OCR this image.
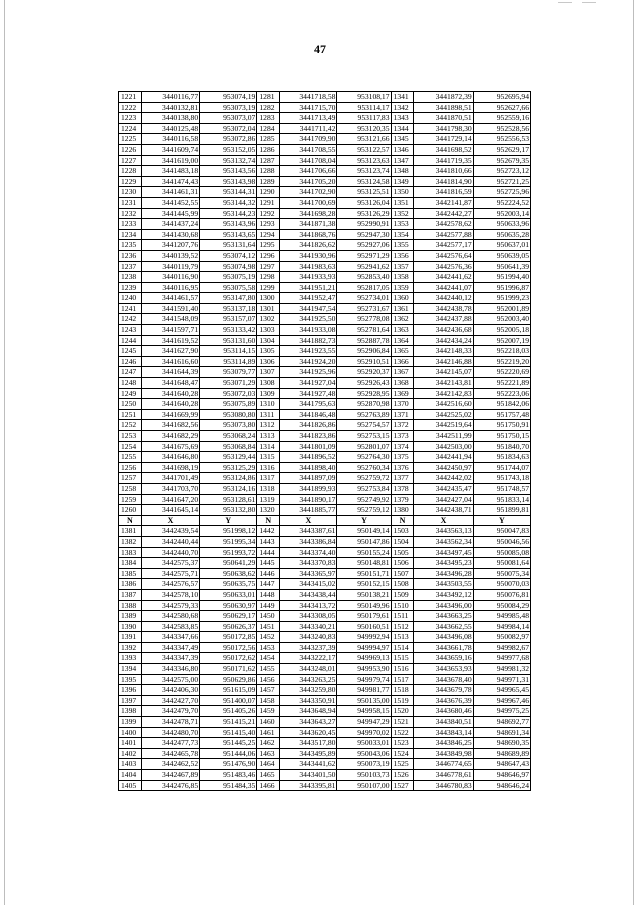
47
1221	3440116,77	953074,19	1281	3441718,58	953108,17	1341	3441872,39	952695,94
1222	3440132,81	953073,19	1282	3441715,70	953114,17	1342	3441898,51	952627,66
1223	3440138,80	953073,07	1283	3441713,49	953117,83	1343	3441870,51	952559,16
1224	3440125,48	953072,04	1284	3441711,42	953120,35	1344	3441798,30	952528,56
1225	3440116,58	953072,86	1285	3441709,90	953121,66	1345	3441729,14	952556,53
1226	3441609,74	953152,05	1286	3441708,55	953122,57	1346	3441698,52	952629,17
1227	3441619,00	953132,74	1287	3441708,04	953123,63	1347	3441719,35	952679,35
1228	3441483,18	953143,56	1288	3441706,66	953123,74	1348	3441810,66	952723,12
1229	3441474,43	953143,98	1289	3441705,20	953124,58	1349	3441814,90	952721,25
1230	3441461,31	953144,31	1290	3441702,90	953125,51	1350	3441816,59	952725,96
1231	3441452,55	953144,32	1291	3441700,69	953126,04	1351	3442141,87	952224,52
1232	3441445,99	953144,23	1292	3441698,28	953126,29	1352	3442442,27	952003,14
1233	3441437,24	953143,96	1293	3441871,38	952990,91	1353	3442578,62	950633,96
1234	3441430,68	953143,65	1294	3441868,76	952947,30	1354	3442577,88	950635,28
1235	3441207,76	953131,64	1295	3441826,62	952927,06	1355	3442577,17	950637,01
1236	3440139,52	953074,12	1296	3441930,96	952971,29	1356	3442576,64	950639,05
1237	3440119,79	953074,98	1297	3441983,63	952941,62	1357	3442576,36	950641,39
1238	3440116,90	953075,19	1298	3441933,93	952853,40	1358	3442441,62	951994,40
1239	3440116,95	953075,58	1299	3441951,21	952817,05	1359	3442441,07	951996,87
1240	3441461,57	953147,80	1300	3441952,47	952734,01	1360	3442440,12	951999,23
1241	3441591,40	953137,18	1301	3441947,54	952731,67	1361	3442438,78	952001,89
1242	3441548,09	953157,07	1302	3441925,50	952778,08	1362	3442437,88	952003,40
1243	3441597,71	953133,42	1303	3441933,08	952781,64	1363	3442436,68	952005,18
1244	3441619,52	953131,60	1304	3441882,73	952887,78	1364	3442434,24	952007,19
1245	3441627,90	953114,15	1305	3441923,55	952906,84	1365	3442148,33	952218,03
1246	3441616,60	953114,89	1306	3441924,20	952910,51	1366	3442146,88	952219,20
1247	3441644,39	953079,77	1307	3441925,96	952920,37	1367	3442145,07	952220,69
1248	3441648,47	953071,29	1308	3441927,04	952926,43	1368	3442143,81	952221,89
1249	3441640,28	953072,03	1309	3441927,48	952928,95	1369	3442142,83	952223,06
1250	3441640,28	953075,89	1310	3441795,63	952870,98	1370	3442516,60	951842,06
1251	3441669,99	953080,80	1311	3441846,48	952763,89	1371	3442525,02	951757,48
1252	3441682,56	953073,80	1312	3441826,86	952754,57	1372	3442519,64	951750,91
1253	3441682,29	953068,24	1313	3441823,86	952753,15	1373	3442511,99	951750,15
1254	3441675,69	953068,84	1314	3441801,09	952801,07	1374	3442503,00	951840,70
1255	3441646,80	953129,44	1315	3441896,52	952764,30	1375	3442441,94	951834,63
1256	3441698,19	953125,29	1316	3441898,40	952760,34	1376	3442450,97	951744,07
1257	3441701,49	953124,86	1317	3441897,09	952759,72	1377	3442442,02	951743,18
1258	3441703,70	953124,16	1318	3441899,93	952753,84	1378	3442435,47	951748,57
1259	3441647,20	953128,61	1319	3441890,17	952749,92	1379	3442427,04	951833,14
1260	3441645,14	953132,80	1320	3441885,77	952759,12	1380	3442438,71	951899,81
N	X	Y	N	X	Y	N	X	Y
1381	3442439,54	951998,12	1442	3443387,61	950149,14	1503	3443563,13	950047,83
1382	3442440,44	951995,34	1443	3443386,84	950147,86	1504	3443562,34	950046,56
1383	3442440,70	951993,72	1444	3443374,40	950155,24	1505	3443497,45	950085,08
1384	3442575,37	950641,29	1445	3443370,83	950148,81	1506	3443495,23	950081,64
1385	3442575,71	950638,62	1446	3443365,97	950151,71	1507	3443496,28	950075,34
1386	3442576,57	950635,75	1447	3443415,02	950152,15	1508	3443503,55	950070,03
1387	3442578,10	950633,01	1448	3443438,44	950138,21	1509	3443492,12	950076,81
1388	3442579,33	950630,97	1449	3443413,72	950149,96	1510	3443496,00	950084,29
1389	3442580,68	950629,17	1450	3443308,05	950179,61	1511	3443663,25	949985,48
1390	3442583,85	950626,37	1451	3443340,21	950160,51	1512	3443662,55	949984,14
1391	3443347,66	950172,85	1452	3443240,83	949992,94	1513	3443496,08	950082,97
1392	3443347,49	950172,56	1453	3443237,39	949994,97	1514	3443661,78	949982,67
1393	3443347,39	950172,62	1454	3443222,17	949969,13	1515	3443659,16	949977,68
1394	3443346,80	950171,62	1455	3443248,01	949953,90	1516	3443653,93	949981,32
1395	3442575,00	950629,86	1456	3443263,25	949979,74	1517	3443678,40	949971,31
1396	3442406,30	951615,09	1457	3443259,80	949981,77	1518	3443679,78	949965,45
1397	3442427,70	951400,07	1458	3443350,91	950135,00	1519	3443676,39	949967,46
1398	3442479,70	951405,26	1459	3443648,94	949958,15	1520	3443680,46	949975,25
1399	3442478,71	951415,21	1460	3443643,27	949947,29	1521	3443840,51	948692,77
1400	3442480,70	951415,40	1461	3443620,45	949970,02	1522	3443843,14	948691,34
1401	3442477,73	951445,25	1462	3443517,80	950033,01	1523	3443846,25	948690,35
1402	3442465,78	951444,06	1463	3443495,89	950043,06	1524	3443849,98	948689,89
1403	3442462,52	951476,90	1464	3443441,62	950073,19	1525	3446774,65	948647,43
1404	3442467,89	951483,46	1465	3443401,50	950103,73	1526	3446778,61	948646,97
1405	3442476,85	951484,35	1466	3443395,81	950107,00	1527	3446780,83	948646,24
